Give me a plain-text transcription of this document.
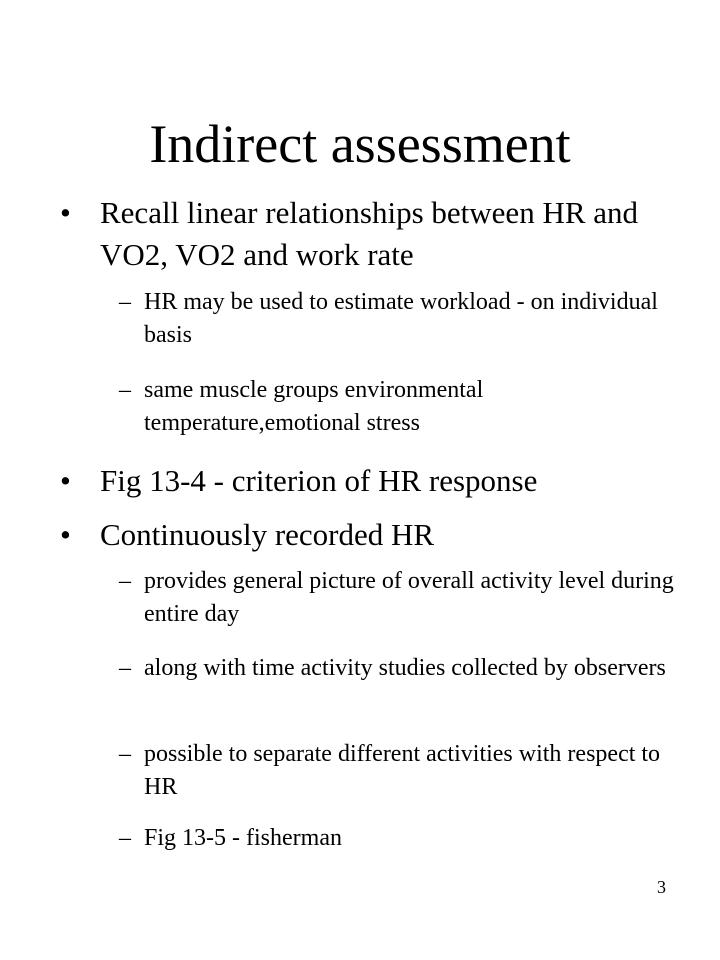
Indirect assessment
• Recall linear relationships between HR and VO2, VO2 and work rate
– HR may be used to estimate workload - on individual basis
– same muscle groups environmental temperature,emotional stress
• Fig 13-4 - criterion of HR response
• Continuously recorded HR
– provides general picture of overall activity level during entire day
– along with time activity studies collected by observers
– possible to separate different activities with respect to HR
– Fig 13-5 - fisherman
3
